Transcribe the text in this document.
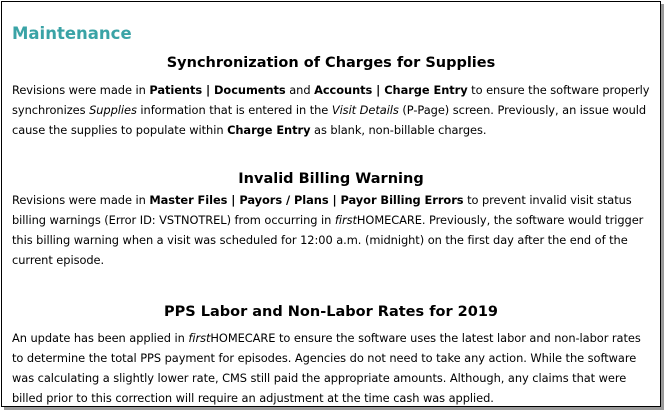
Maintenance
Synchronization of Charges for Supplies

Revisions were made in Patients | Documents and Accounts | Charge Entry to ensure the software properly synchronizes Supplies information that is entered in the Visit Details (P-Page) screen. Previously, an issue would cause the supplies to populate within Charge Entry as blank, non-billable charges.

Invalid Billing Warning

Revisions were made in Master Files | Payors / Plans | Payor Billing Errors to prevent invalid visit status billing warnings (Error ID: VSTNOTREL) from occurring in firstHOMECARE. Previously, the software would trigger this billing warning when a visit was scheduled for 12:00 a.m. (midnight) on the first day after the end of the current episode.

PPS Labor and Non-Labor Rates for 2019

An update has been applied in firstHOMECARE to ensure the software uses the latest labor and non-labor rates to determine the total PPS payment for episodes. Agencies do not need to take any action. While the software was calculating a slightly lower rate, CMS still paid the appropriate amounts. Although, any claims that were billed prior to this correction will require an adjustment at the time cash was applied.
